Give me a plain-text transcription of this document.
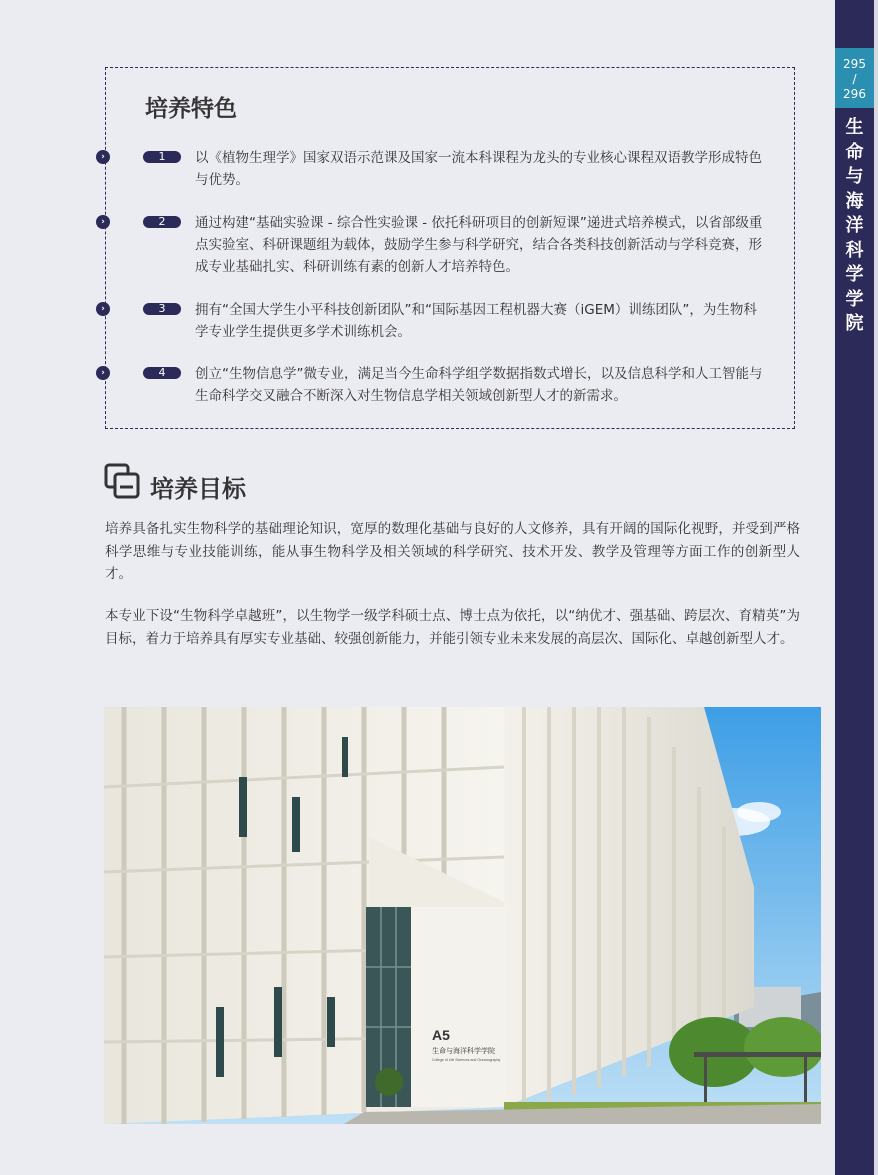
295
/
296
生
命
与
海
洋
科
学
学
院
培养特色
›	1	以《植物生理学》国家双语示范课及国家一流本科课程为龙头的专业核心课程双语教学形成特色与优势。
›	2	通过构建“基础实验课 - 综合性实验课 - 依托科研项目的创新短课”递进式培养模式，以省部级重点实验室、科研课题组为载体，鼓励学生参与科学研究，结合各类科技创新活动与学科竞赛，形成专业基础扎实、科研训练有素的创新人才培养特色。
›	3	拥有“全国大学生小平科技创新团队”和“国际基因工程机器大赛（iGEM）训练团队”，为生物科学专业学生提供更多学术训练机会。
›	4	创立“生物信息学”微专业，满足当今生命科学组学数据指数式增长，以及信息科学和人工智能与生命科学交叉融合不断深入对生物信息学相关领域创新型人才的新需求。
培养目标
培养具备扎实生物科学的基础理论知识，宽厚的数理化基础与良好的人文修养，具有开阔的国际化视野，并受到严格科学思维与专业技能训练，能从事生物科学及相关领域的科学研究、技术开发、教学及管理等方面工作的创新型人才。
本专业下设“生物科学卓越班”，以生物学一级学科硕士点、博士点为依托，以“纳优才、强基础、跨层次、育精英”为目标，着力于培养具有厚实专业基础、较强创新能力，并能引领专业未来发展的高层次、国际化、卓越创新型人才。
A5
生命与海洋科学学院
College of Life Sciences and Oceanography
